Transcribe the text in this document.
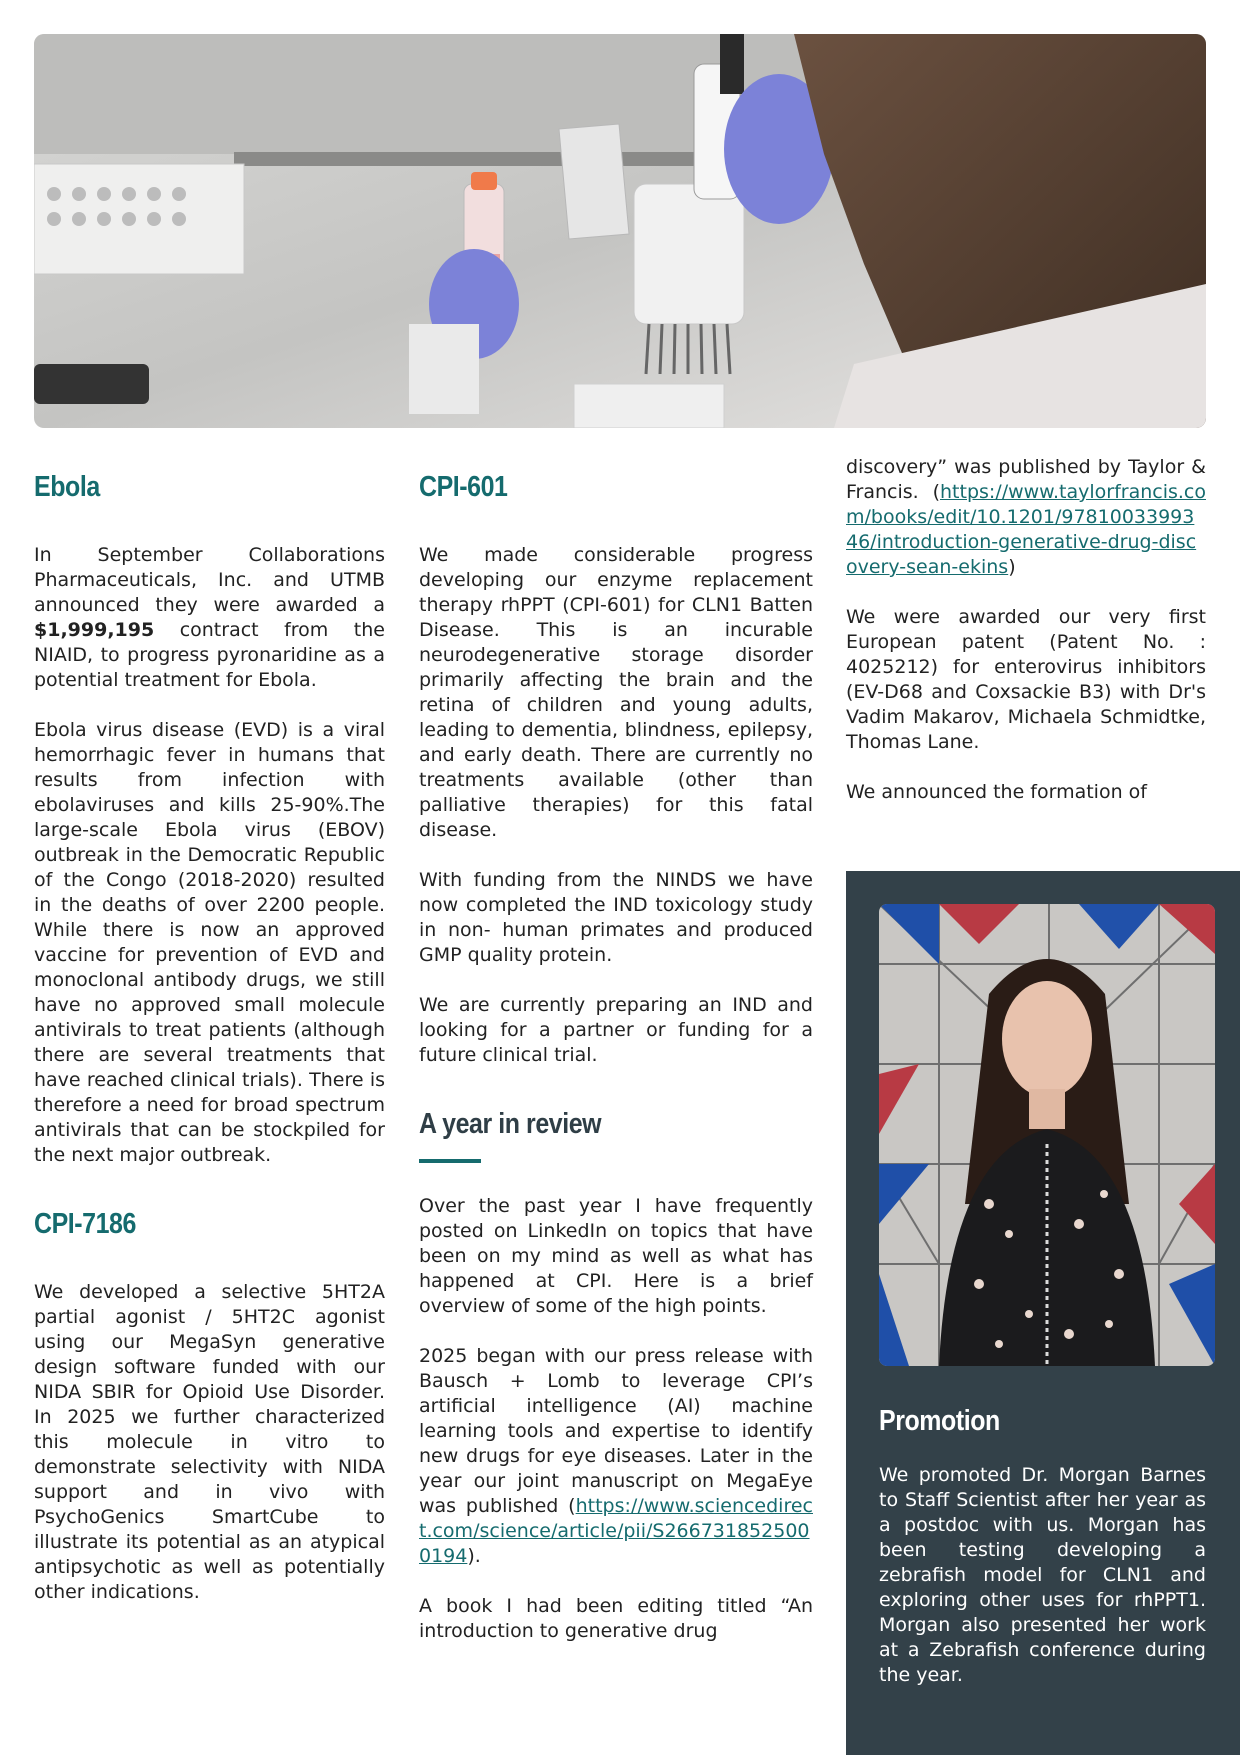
Ebola

In September Collaborations Pharmaceuticals, Inc. and UTMB announced they were awarded a $1,999,195 contract from the NIAID, to progress pyronaridine as a potential treatment for Ebola.

Ebola virus disease (EVD) is a viral hemorrhagic fever in humans that results from infection with ebolaviruses and kills 25-90%.The large-scale Ebola virus (EBOV) outbreak in the Democratic Republic of the Congo (2018-2020) resulted in the deaths of over 2200 people. While there is now an approved vaccine for prevention of EVD and monoclonal antibody drugs, we still have no approved small molecule antivirals to treat patients (although there are several treatments that have reached clinical trials). There is therefore a need for broad spectrum antivirals that can be stockpiled for the next major outbreak.

CPI-7186

We developed a selective 5HT2A partial agonist / 5HT2C agonist using our MegaSyn generative design software funded with our NIDA SBIR for Opioid Use Disorder. In 2025 we further characterized this molecule in vitro to demonstrate selectivity with NIDA support and in vivo with PsychoGenics SmartCube to illustrate its potential as an atypical antipsychotic as well as potentially other indications.

CPI-601

We made considerable progress developing our enzyme replacement therapy rhPPT (CPI-601) for CLN1 Batten Disease. This is an incurable neurodegenerative storage disorder primarily affecting the brain and the retina of children and young adults, leading to dementia, blindness, epilepsy, and early death. There are currently no treatments available (other than palliative therapies) for this fatal disease.

With funding from the NINDS we have now completed the IND toxicology study in non- human primates and produced GMP quality protein.

We are currently preparing an IND and looking for a partner or funding for a future clinical trial.

A year in review

Over the past year I have frequently posted on LinkedIn on topics that have been on my mind as well as what has happened at CPI. Here is a brief overview of some of the high points.

2025 began with our press release with Bausch + Lomb to leverage CPI’s artificial intelligence (AI) machine learning tools and expertise to identify new drugs for eye diseases. Later in the year our joint manuscript on MegaEye was published (https://www.sciencedirect.com/science/article/pii/S2667318525000194).

A book I had been editing titled “An introduction to generative drug

discovery” was published by Taylor & Francis. (https://www.taylorfrancis.com/books/edit/10.1201/9781003399346/introduction-generative-drug-discovery-sean-ekins)

We were awarded our very first European patent (Patent No. : 4025212) for enterovirus inhibitors (EV-D68 and Coxsackie B3) with Dr's Vadim Makarov, Michaela Schmidtke, Thomas Lane.

We announced the formation of

Promotion

We promoted Dr. Morgan Barnes to Staff Scientist after her year as a postdoc with us. Morgan has been testing developing a zebrafish model for CLN1 and exploring other uses for rhPPT1. Morgan also presented her work at a Zebrafish conference during the year.
